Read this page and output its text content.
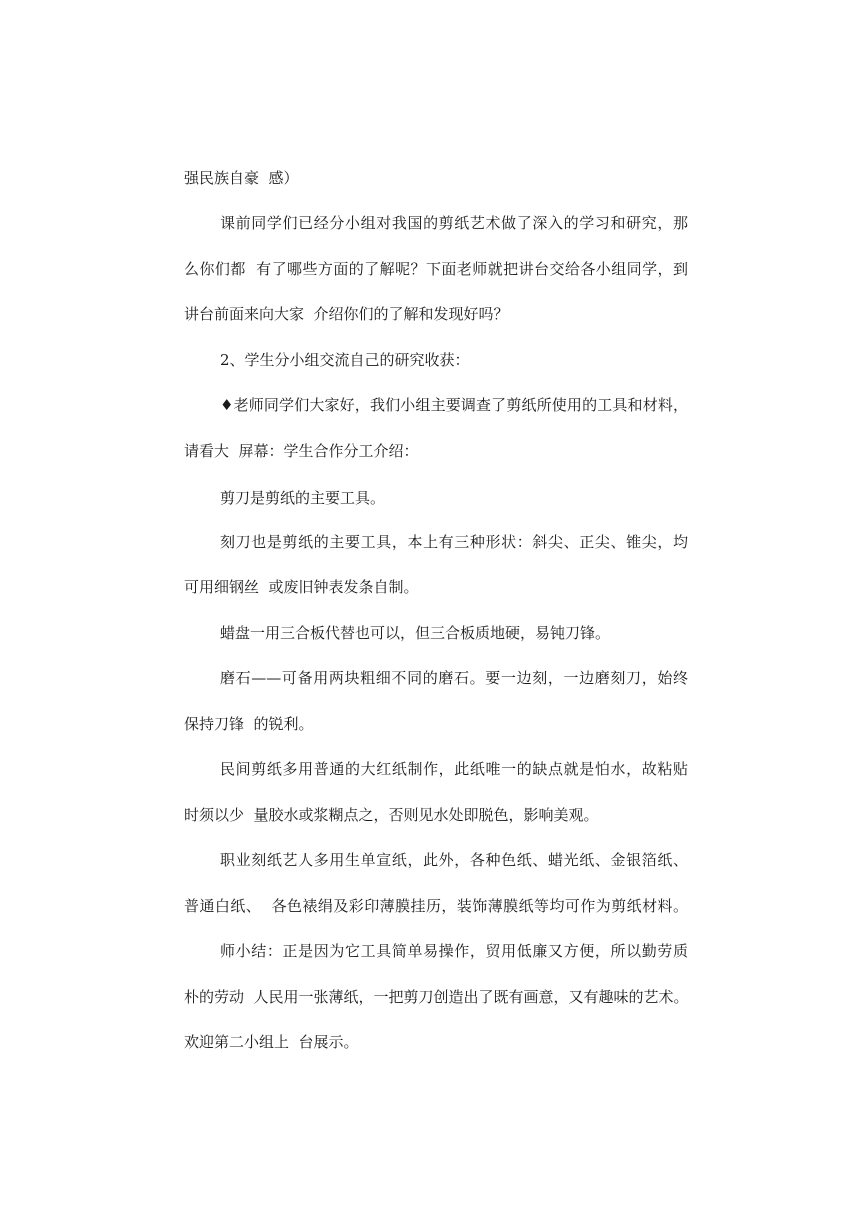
强民族自豪  感）
课前同学们已经分小组对我国的剪纸艺术做了深入的学习和研究，那
么你们都  有了哪些方面的了解呢？下面老师就把讲台交给各小组同学，到
讲台前面来向大家  介绍你们的了解和发现好吗？
2、学生分小组交流自己的研究收获：
♦老师同学们大家好，我们小组主要调查了剪纸所使用的工具和材料，
请看大  屏幕：学生合作分工介绍：
剪刀是剪纸的主要工具。
刻刀也是剪纸的主要工具，本上有三种形状：斜尖、正尖、锥尖，均
可用细钢丝  或废旧钟表发条自制。
蜡盘一用三合板代替也可以，但三合板质地硬，易钝刀锋。
磨石——可备用两块粗细不同的磨石。要一边刻，一边磨刻刀，始终
保持刀锋  的锐利。
民间剪纸多用普通的大红纸制作，此纸唯一的缺点就是怕水，故粘贴
时须以少  量胶水或浆糊点之，否则见水处即脱色，影响美观。
职业刻纸艺人多用生单宣纸，此外，各种色纸、蜡光纸、金银箔纸、
普通白纸、  各色裱绢及彩印薄膜挂历，装饰薄膜纸等均可作为剪纸材料。
师小结：正是因为它工具简单易操作，贸用低廉又方便，所以勤劳质
朴的劳动  人民用一张薄纸，一把剪刀创造出了既有画意，又有趣味的艺术。
欢迎第二小组上  台展示。
